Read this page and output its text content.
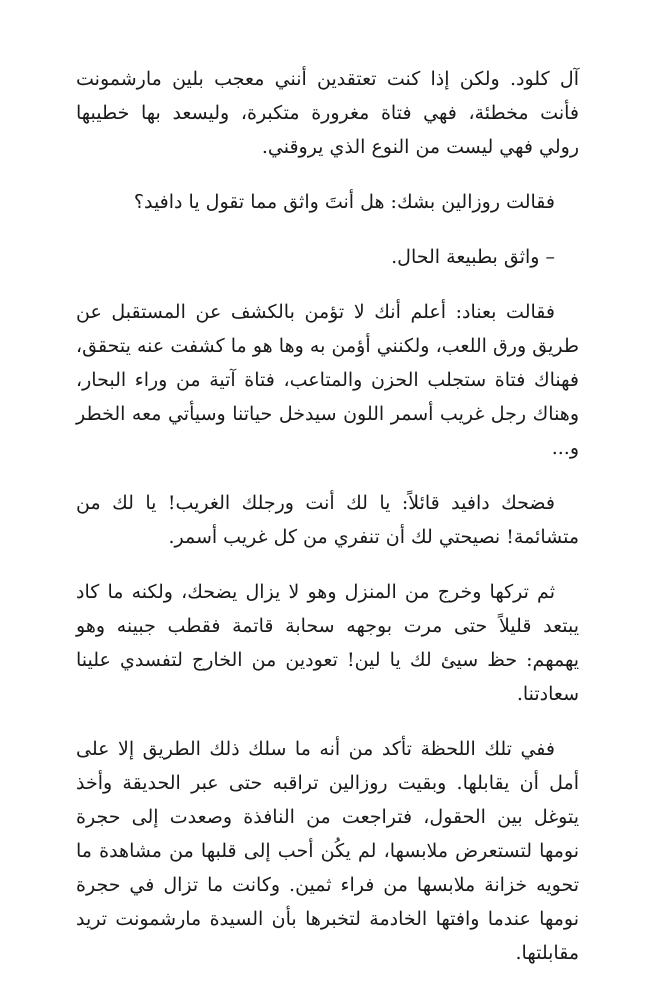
آل كلود. ولكن إذا كنت تعتقدين أنني معجب بلين مارشمونت فأنت مخطئة، فهي فتاة مغرورة متكبرة، وليسعد بها خطيبها رولي فهي ليست من النوع الذي يروقني.

فقالت روزالين بشك: هل أنتَ واثق مما تقول يا دافيد؟

– واثق بطبيعة الحال.

فقالت بعناد: أعلم أنك لا تؤمن بالكشف عن المستقبل عن طريق ورق اللعب، ولكنني أؤمن به وها هو ما كشفت عنه يتحقق، فهناك فتاة ستجلب الحزن والمتاعب، فتاة آتية من وراء البحار، وهناك رجل غريب أسمر اللون سيدخل حياتنا وسيأتي معه الخطر و...

فضحك دافيد قائلاً: يا لك أنت ورجلك الغريب! يا لك من متشائمة! نصيحتي لك أن تنفري من كل غريب أسمر.

ثم تركها وخرج من المنزل وهو لا يزال يضحك، ولكنه ما كاد يبتعد قليلاً حتى مرت بوجهه سحابة قاتمة فقطب جبينه وهو يهمهم: حظ سيئ لك يا لين! تعودين من الخارج لتفسدي علينا سعادتنا.

ففي تلك اللحظة تأكد من أنه ما سلك ذلك الطريق إلا على أمل أن يقابلها. وبقيت روزالين تراقبه حتى عبر الحديقة وأخذ يتوغل بين الحقول، فتراجعت من النافذة وصعدت إلى حجرة نومها لتستعرض ملابسها، لم يكُن أحب إلى قلبها من مشاهدة ما تحويه خزانة ملابسها من فراء ثمين. وكانت ما تزال في حجرة نومها عندما وافتها الخادمة لتخبرها بأن السيدة مارشمونت تريد مقابلتها.
